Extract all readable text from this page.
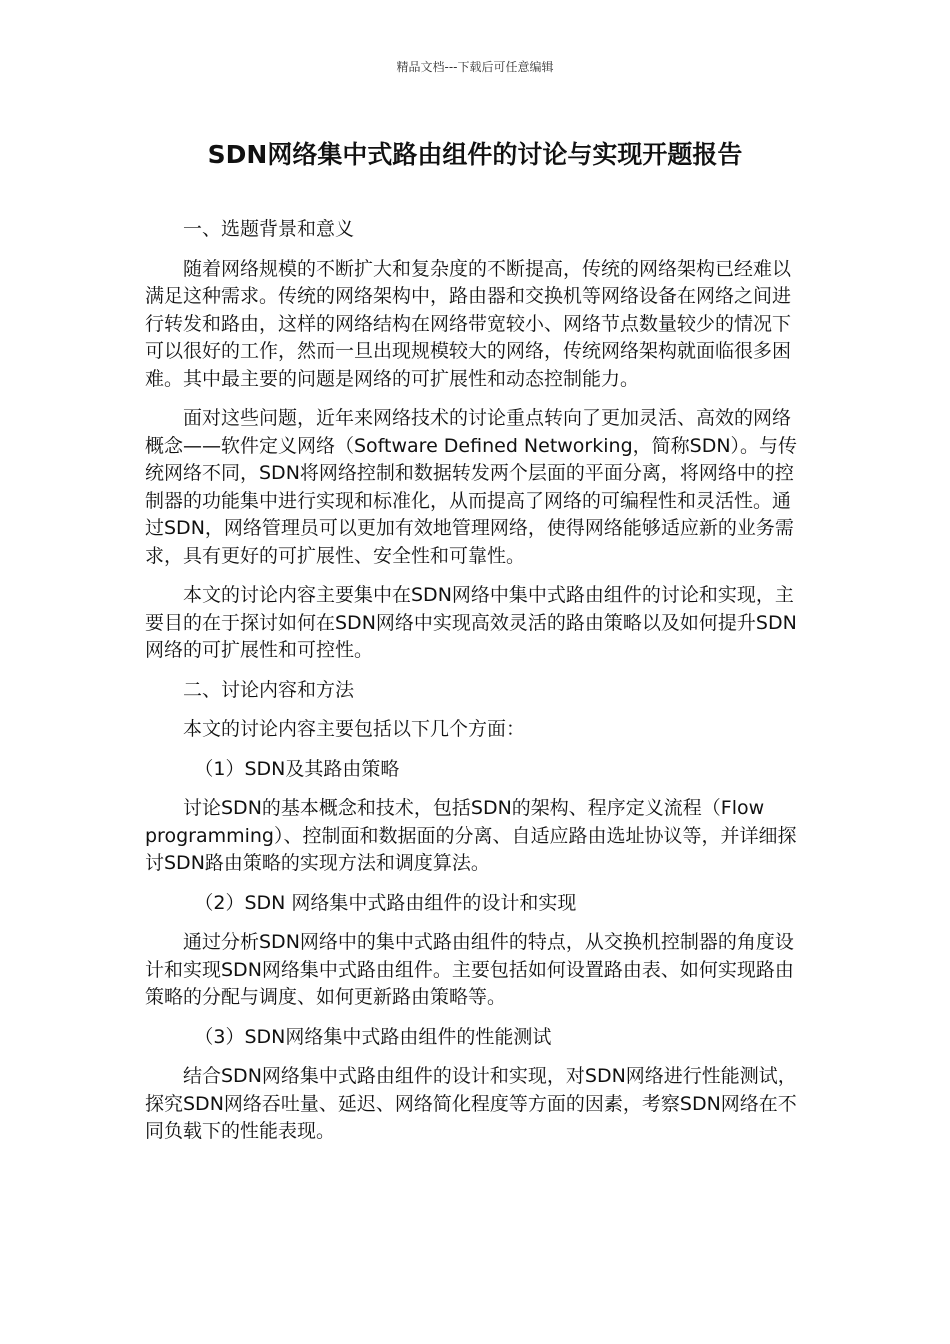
精品文档---下载后可任意编辑
SDN网络集中式路由组件的讨论与实现开题报告

一、选题背景和意义

随着网络规模的不断扩大和复杂度的不断提高，传统的网络架构已经难以满足这种需求。传统的网络架构中，路由器和交换机等网络设备在网络之间进行转发和路由，这样的网络结构在网络带宽较小、网络节点数量较少的情况下可以很好的工作，然而一旦出现规模较大的网络，传统网络架构就面临很多困难。其中最主要的问题是网络的可扩展性和动态控制能力。

面对这些问题，近年来网络技术的讨论重点转向了更加灵活、高效的网络概念——软件定义网络（Software Defined Networking，简称SDN）。与传统网络不同，SDN将网络控制和数据转发两个层面的平面分离，将网络中的控制器的功能集中进行实现和标准化，从而提高了网络的可编程性和灵活性。通过SDN，网络管理员可以更加有效地管理网络，使得网络能够适应新的业务需求，具有更好的可扩展性、安全性和可靠性。

本文的讨论内容主要集中在SDN网络中集中式路由组件的讨论和实现，主要目的在于探讨如何在SDN网络中实现高效灵活的路由策略以及如何提升SDN网络的可扩展性和可控性。

二、讨论内容和方法

本文的讨论内容主要包括以下几个方面：

（1）SDN及其路由策略

讨论SDN的基本概念和技术，包括SDN的架构、程序定义流程（Flow programming）、控制面和数据面的分离、自适应路由选址协议等，并详细探讨SDN路由策略的实现方法和调度算法。

（2）SDN 网络集中式路由组件的设计和实现

通过分析SDN网络中的集中式路由组件的特点，从交换机控制器的角度设计和实现SDN网络集中式路由组件。主要包括如何设置路由表、如何实现路由策略的分配与调度、如何更新路由策略等。

（3）SDN网络集中式路由组件的性能测试

结合SDN网络集中式路由组件的设计和实现，对SDN网络进行性能测试，探究SDN网络吞吐量、延迟、网络简化程度等方面的因素，考察SDN网络在不同负载下的性能表现。
